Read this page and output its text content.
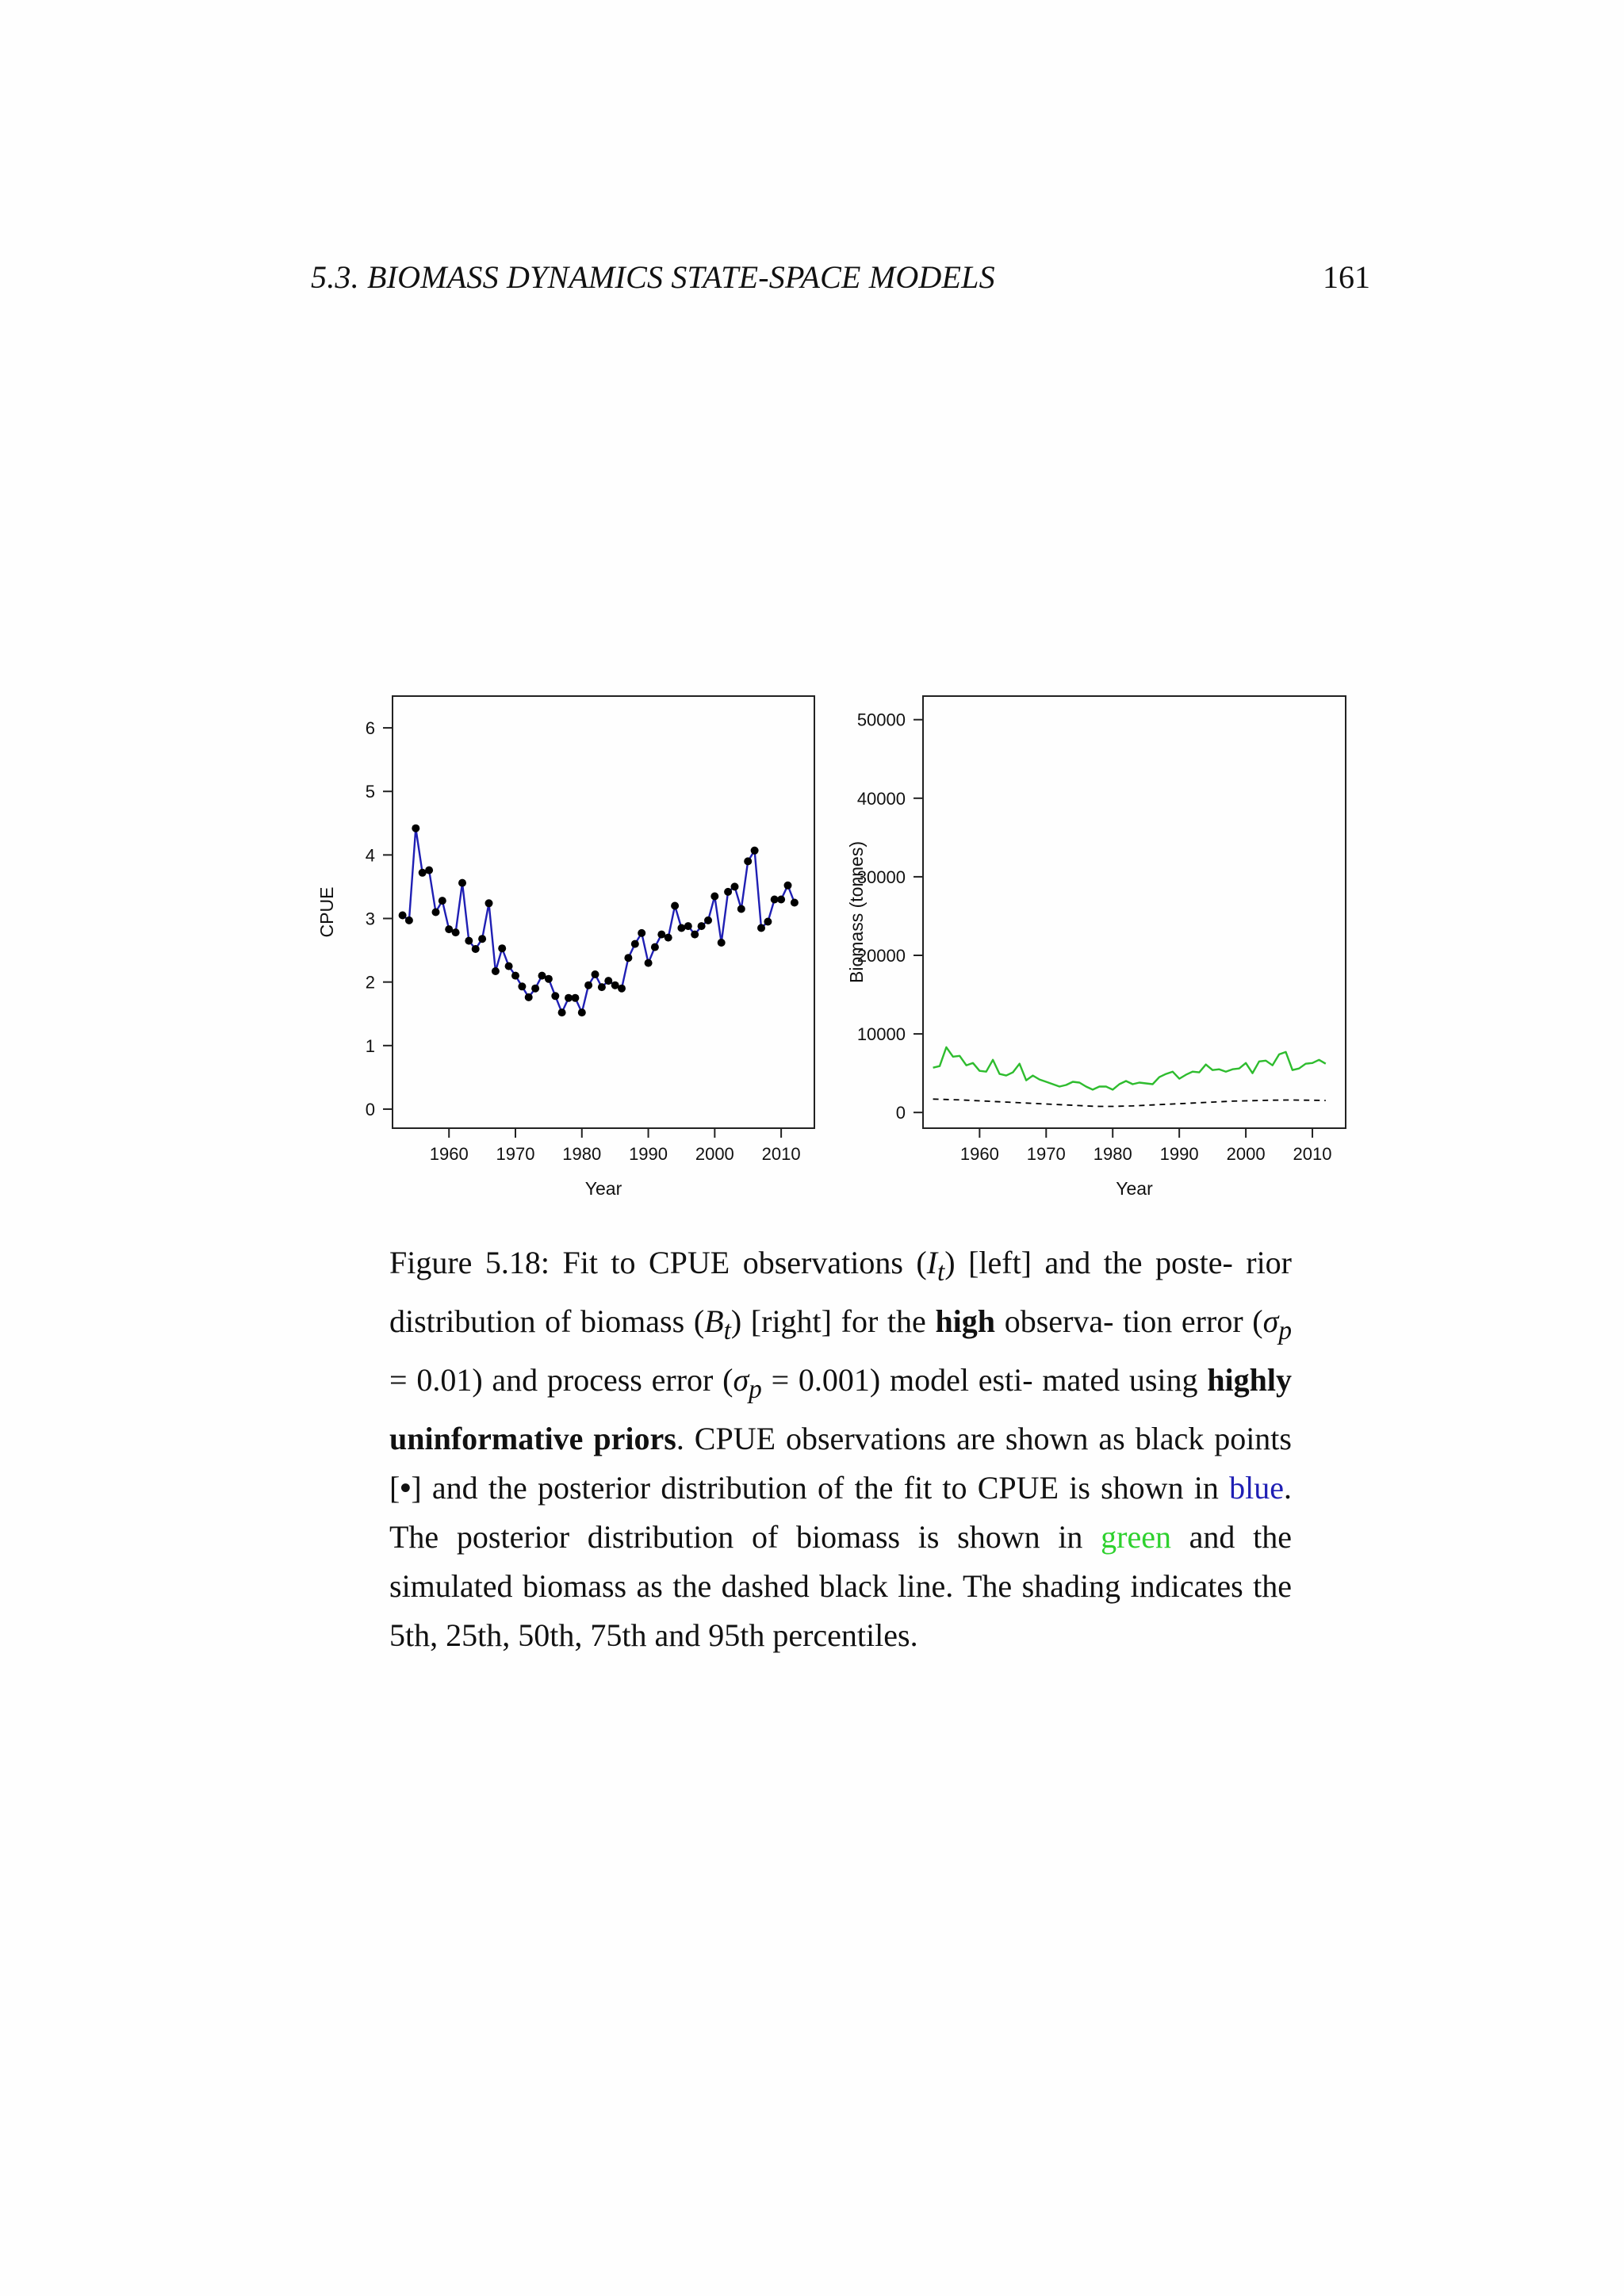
5.3. BIOMASS DYNAMICS STATE-SPACE MODELS	161
1960 1970 1980 1990 2000 2010
0
1
2
3
4
5
6
Year
CPUE
1960 1970 1980 1990 2000 2010
0
10000
20000
30000
40000
50000
Year
Biomass (tonnes)
Figure 5.18: Fit to CPUE observations $(I_t)$ [left] and the poste- rior distribution of biomass $(B_t)$ [right] for the high observa- tion error $(\sigma_p = 0.01)$ and process error $(\sigma_p = 0.001)$ model esti- mated using highly uninformative priors. CPUE observations are shown as black points [•] and the posterior distribution of the fit to CPUE is shown in blue. The posterior distribution of biomass is shown in green and the simulated biomass as the dashed black line. The shading indicates the 5th, 25th, 50th, 75th and 95th percentiles.
